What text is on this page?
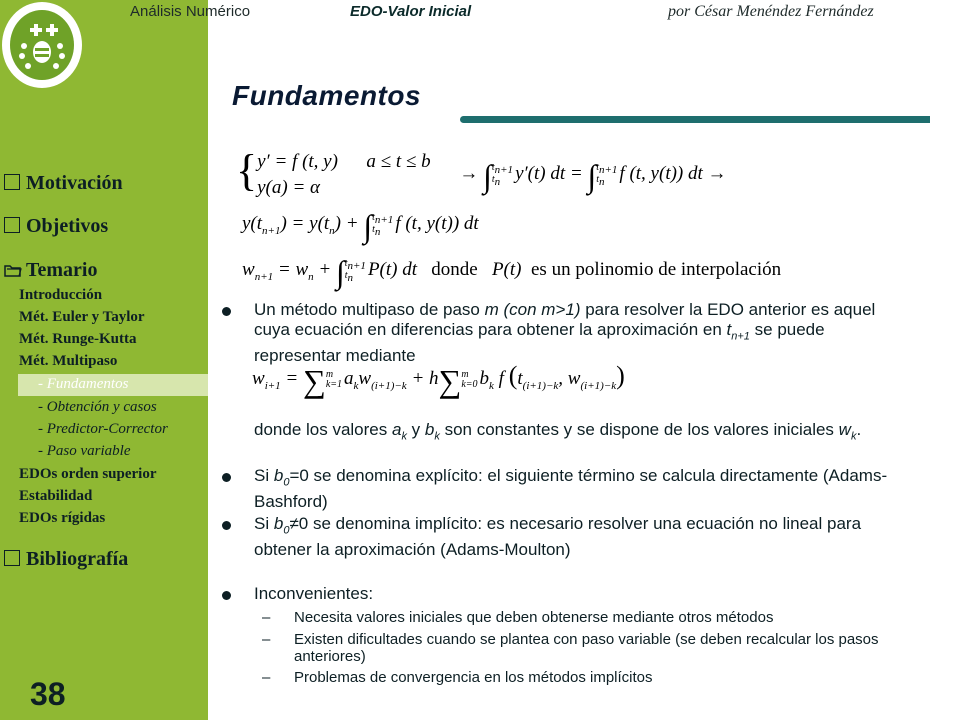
Análisis Numérico	EDO-Valor Inicial	por César Menéndez Fernández
Fundamentos
Motivación
Objetivos
Temario
Introducción
Mét. Euler y Taylor
Mét. Runge-Kutta
Mét. Multipaso
- Fundamentos
- Obtención y casos
- Predictor-Corrector
- Paso variable
EDOs orden superior
Estabilidad
EDOs rígidas
Bibliografía
38
{y′ = f (t, y)      a ≤ t ≤ b
$y(a) = \alpha \to \int t_{n+1}$
$t_n$ y′(t) dt = $\int t_{n+1}$
$t_n$ f (t, y(t)) dt →
$y(t_{n+1}) = y(t_n) + \int t_{n+1}$
$t_n$ f (t, y(t)) dt
$w_{n+1} = w_n + \int t_{n+1}$
$t_n$ P(t) dt   donde   P(t)  es un polinomio de interpolación
Un método multipaso de paso m (con m>1) para resolver la EDO anterior es aquel cuya ecuación en diferencias para obtener la aproximación en $t_{n+1}$ se puede representar mediante
$w_{i+1} = \sum m$
k=1 $a_kw_{(i+1)-k} + h\sum m$
k=0 $b_k$ f ($t_{(i+1)-k}$, $w_{(i+1)-k}$)
donde los valores $a_k$ y $b_k$ son constantes y se dispone de los valores iniciales $w_k$.
Si $b_0=0$ se denomina explícito: el siguiente término se calcula directamente (Adams-Bashford)
Si $b_0\ne 0$ se denomina implícito: es necesario resolver una ecuación no lineal para obtener la aproximación (Adams-Moulton)
Inconvenientes:
– Necesita valores iniciales que deben obtenerse mediante otros métodos
– Existen dificultades cuando se plantea con paso variable (se deben recalcular los pasos anteriores)
– Problemas de convergencia en los métodos implícitos
